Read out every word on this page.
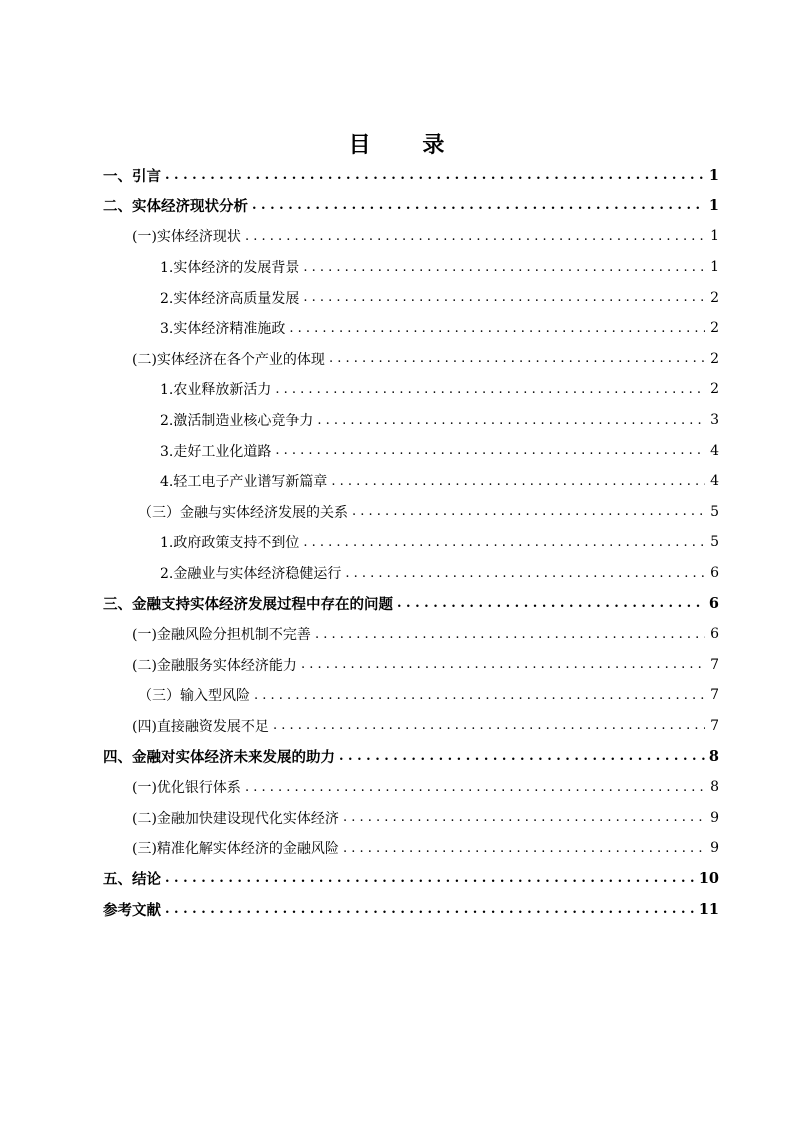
目 录
一、引言 . . .	1
二、实体经济现状分析 . . .	1
(一)实体经济现状 . . .	1
1.实体经济的发展背景 . . .	1
2.实体经济高质量发展 . . .	2
3.实体经济精准施政 . . .	2
(二)实体经济在各个产业的体现 . . .	2
1.农业释放新活力 . . .	2
2.激活制造业核心竞争力 . . .	3
3.走好工业化道路 . . .	4
4.轻工电子产业谱写新篇章 . . .	4
（三）金融与实体经济发展的关系 . . .	5
1.政府政策支持不到位 . . .	5
2.金融业与实体经济稳健运行 . . .	6
三、金融支持实体经济发展过程中存在的问题 . . .	6
(一)金融风险分担机制不完善 . . .	6
(二)金融服务实体经济能力 . . .	7
（三）输入型风险 . . .	7
(四)直接融资发展不足 . . .	7
四、金融对实体经济未来发展的助力 . . .	8
(一)优化银行体系 . . .	8
(二)金融加快建设现代化实体经济 . . .	9
(三)精准化解实体经济的金融风险 . . .	9
五、结论 . . .	10
参考文献 . . .	11
